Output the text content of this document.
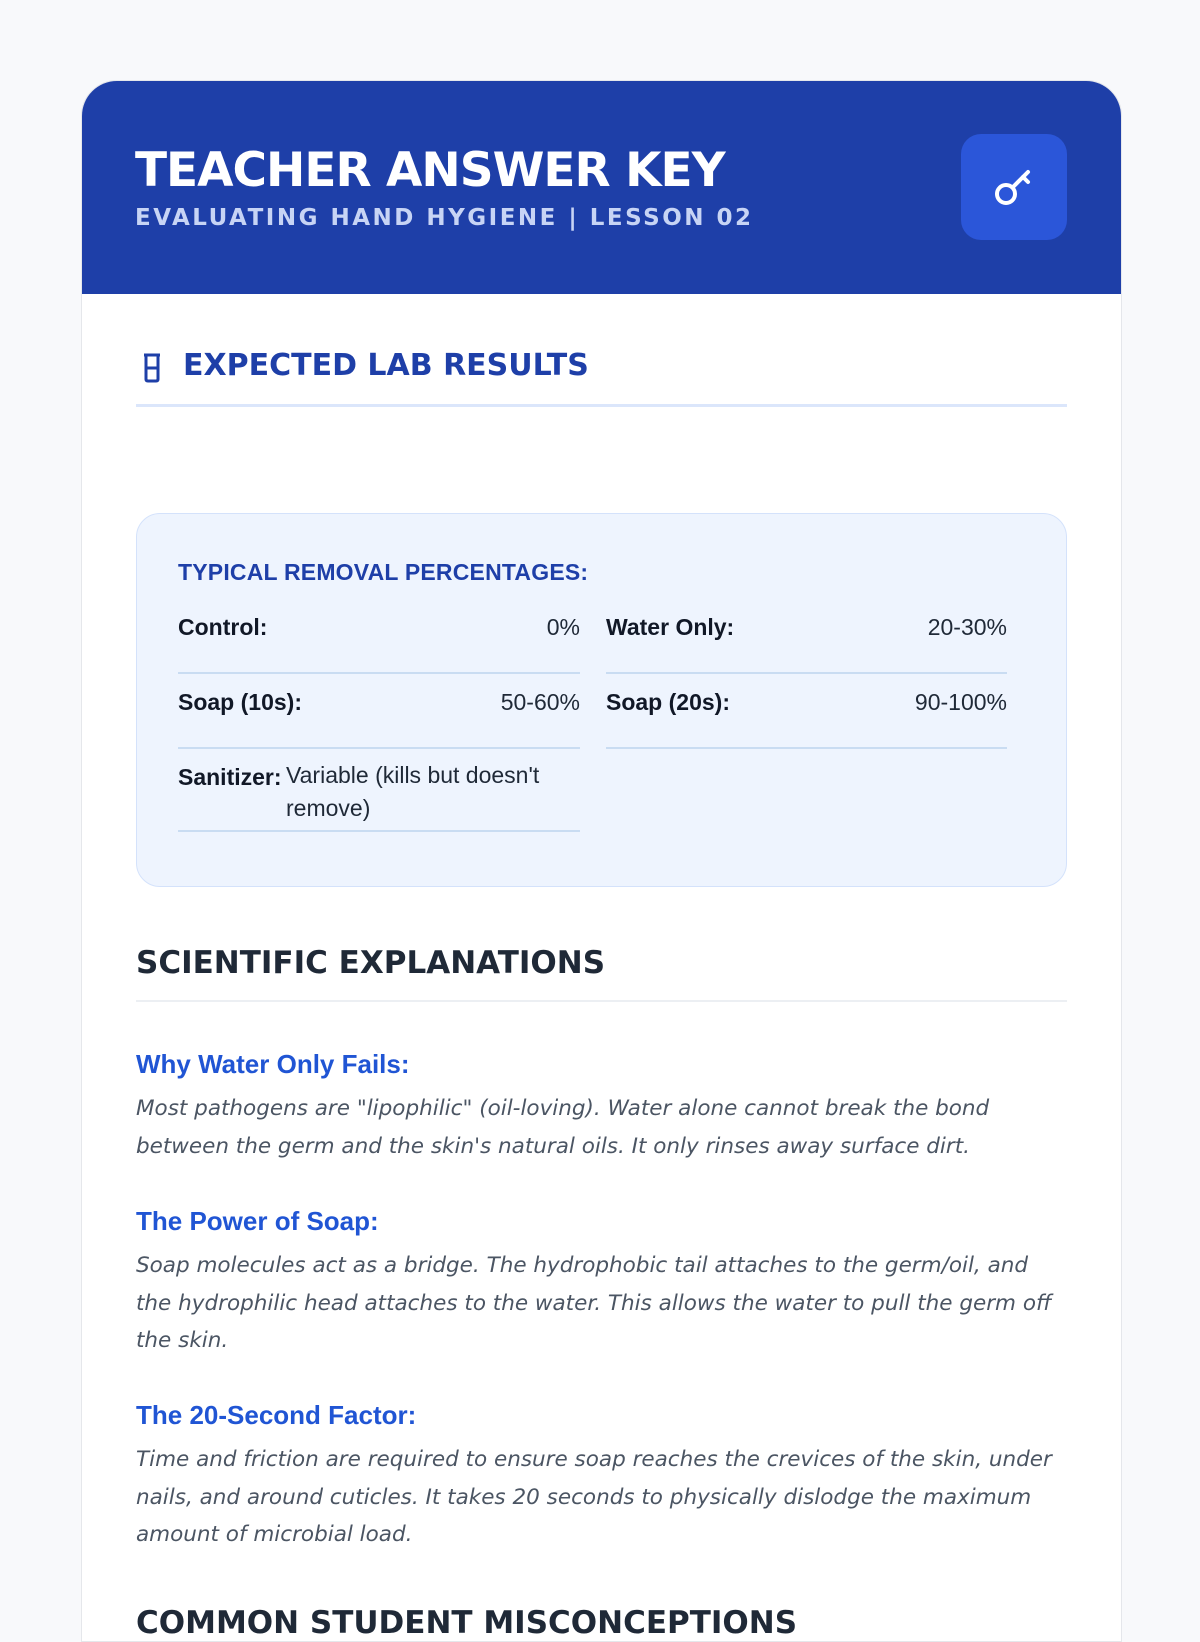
TEACHER ANSWER KEY
EVALUATING HAND HYGIENE | LESSON 02
EXPECTED LAB RESULTS
TYPICAL REMOVAL PERCENTAGES:
Control:	0% Water Only:	20-30%
Soap (10s):	50-60% Soap (20s):	90-100%
Sanitizer: Variable (kills but doesn't remove)
SCIENTIFIC EXPLANATIONS
Why Water Only Fails:
Most pathogens are "lipophilic" (oil-loving). Water alone cannot break the bond between the germ and the skin's natural oils. It only rinses away surface dirt.
The Power of Soap:
Soap molecules act as a bridge. The hydrophobic tail attaches to the germ/oil, and the hydrophilic head attaches to the water. This allows the water to pull the germ off the skin.
The 20-Second Factor:
Time and friction are required to ensure soap reaches the crevices of the skin, under nails, and around cuticles. It takes 20 seconds to physically dislodge the maximum amount of microbial load.
COMMON STUDENT MISCONCEPTIONS
